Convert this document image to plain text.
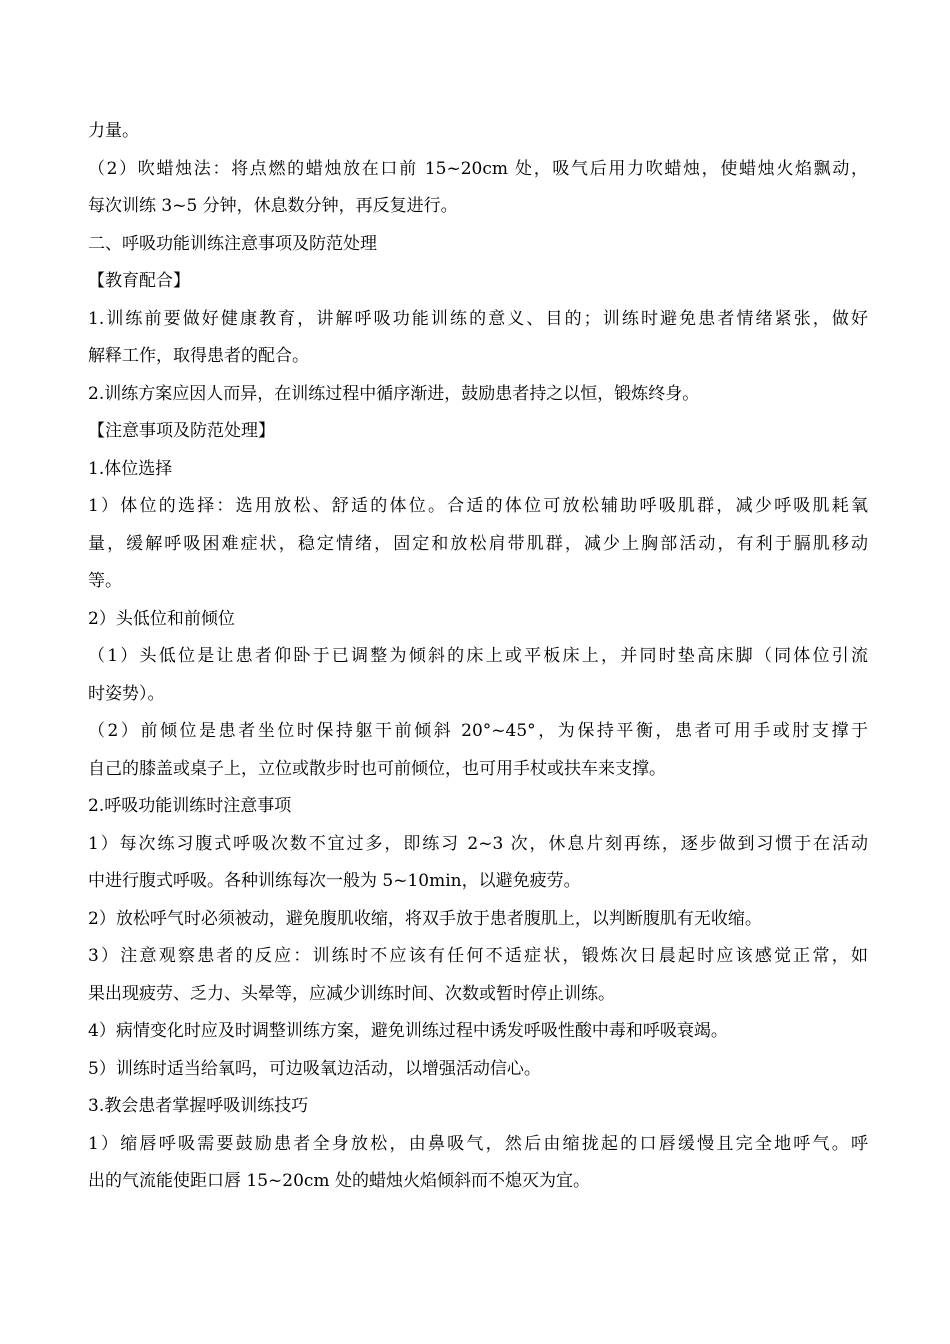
力量。
（2）吹蜡烛法：将点燃的蜡烛放在口前 15~20cm 处，吸气后用力吹蜡烛，使蜡烛火焰飘动，
每次训练 3~5 分钟，休息数分钟，再反复进行。
二、呼吸功能训练注意事项及防范处理
【教育配合】
1.训练前要做好健康教育，讲解呼吸功能训练的意义、目的；训练时避免患者情绪紧张，做好
解释工作，取得患者的配合。
2.训练方案应因人而异，在训练过程中循序渐进，鼓励患者持之以恒，锻炼终身。
【注意事项及防范处理】
1.体位选择
1）体位的选择：选用放松、舒适的体位。合适的体位可放松辅助呼吸肌群，减少呼吸肌耗氧
量，缓解呼吸困难症状，稳定情绪，固定和放松肩带肌群，减少上胸部活动，有利于膈肌移动
等。
2）头低位和前倾位
（1）头低位是让患者仰卧于已调整为倾斜的床上或平板床上，并同时垫高床脚（同体位引流
时姿势）。
（2）前倾位是患者坐位时保持躯干前倾斜 20°~45°，为保持平衡，患者可用手或肘支撑于
自己的膝盖或桌子上，立位或散步时也可前倾位，也可用手杖或扶车来支撑。
2.呼吸功能训练时注意事项
1）每次练习腹式呼吸次数不宜过多，即练习 2~3 次，休息片刻再练，逐步做到习惯于在活动
中进行腹式呼吸。各种训练每次一般为 5~10min，以避免疲劳。
2）放松呼气时必须被动，避免腹肌收缩，将双手放于患者腹肌上，以判断腹肌有无收缩。
3）注意观察患者的反应：训练时不应该有任何不适症状，锻炼次日晨起时应该感觉正常，如
果出现疲劳、乏力、头晕等，应减少训练时间、次数或暂时停止训练。
4）病情变化时应及时调整训练方案，避免训练过程中诱发呼吸性酸中毒和呼吸衰竭。
5）训练时适当给氧吗，可边吸氧边活动，以增强活动信心。
3.教会患者掌握呼吸训练技巧
1）缩唇呼吸需要鼓励患者全身放松，由鼻吸气，然后由缩拢起的口唇缓慢且完全地呼气。呼
出的气流能使距口唇 15~20cm 处的蜡烛火焰倾斜而不熄灭为宜。
